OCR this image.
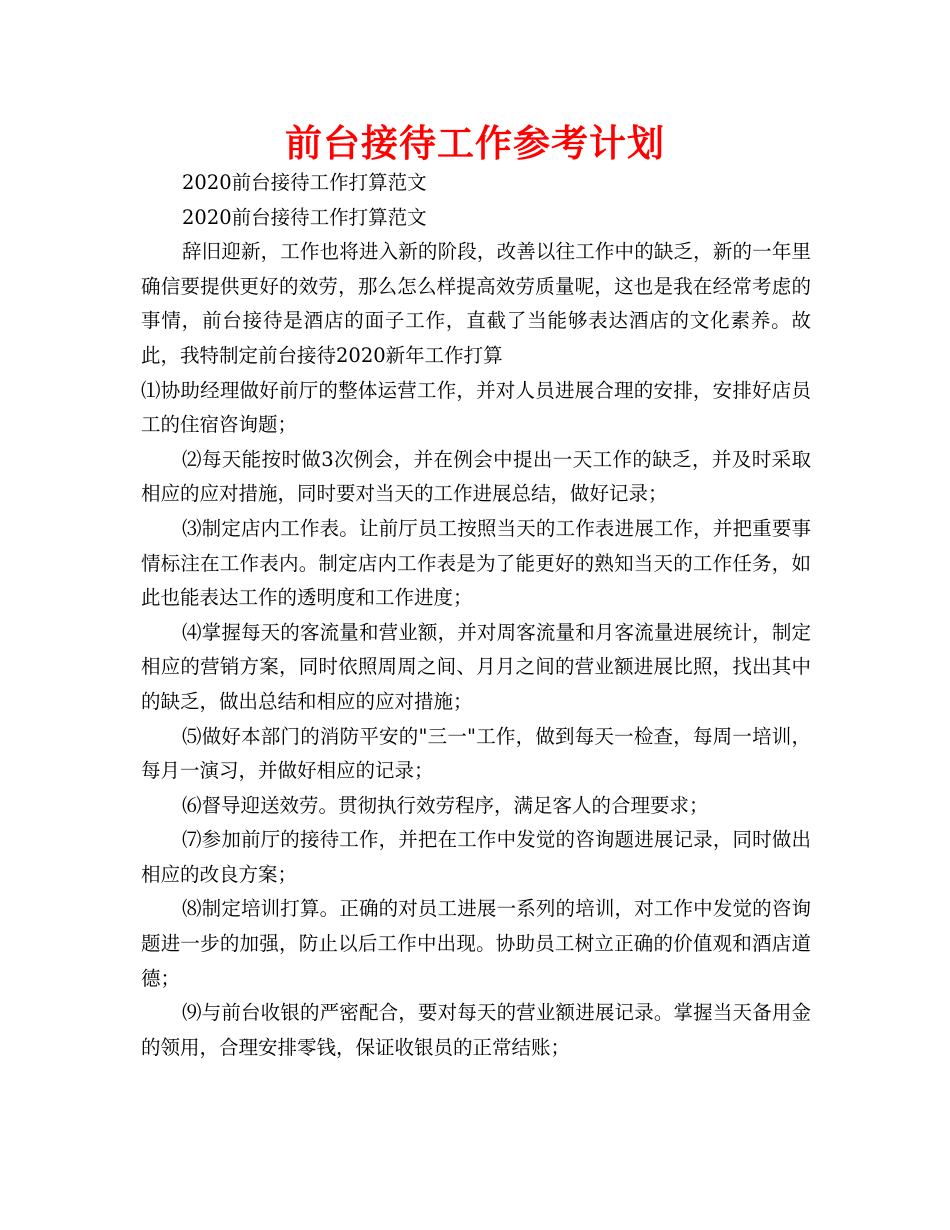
前台接待工作参考计划

2020前台接待工作打算范文

2020前台接待工作打算范文

辞旧迎新，工作也将进入新的阶段，改善以往工作中的缺乏，新的一年里确信要提供更好的效劳，那么怎么样提高效劳质量呢，这也是我在经常考虑的事情，前台接待是酒店的面子工作，直截了当能够表达酒店的文化素养。故此，我特制定前台接待2020新年工作打算

⑴协助经理做好前厅的整体运营工作，并对人员进展合理的安排，安排好店员工的住宿咨询题；

⑵每天能按时做3次例会，并在例会中提出一天工作的缺乏，并及时采取相应的应对措施，同时要对当天的工作进展总结，做好记录；

⑶制定店内工作表。让前厅员工按照当天的工作表进展工作，并把重要事情标注在工作表内。制定店内工作表是为了能更好的熟知当天的工作任务，如此也能表达工作的透明度和工作进度；

⑷掌握每天的客流量和营业额，并对周客流量和月客流量进展统计，制定相应的营销方案，同时依照周周之间、月月之间的营业额进展比照，找出其中的缺乏，做出总结和相应的应对措施；

⑸做好本部门的消防平安的"三一"工作，做到每天一检查，每周一培训，每月一演习，并做好相应的记录；

⑹督导迎送效劳。贯彻执行效劳程序，满足客人的合理要求；

⑺参加前厅的接待工作，并把在工作中发觉的咨询题进展记录，同时做出相应的改良方案；

⑻制定培训打算。正确的对员工进展一系列的培训，对工作中发觉的咨询题进一步的加强，防止以后工作中出现。协助员工树立正确的价值观和酒店道德；

⑼与前台收银的严密配合，要对每天的营业额进展记录。掌握当天备用金的领用，合理安排零钱，保证收银员的正常结账；
